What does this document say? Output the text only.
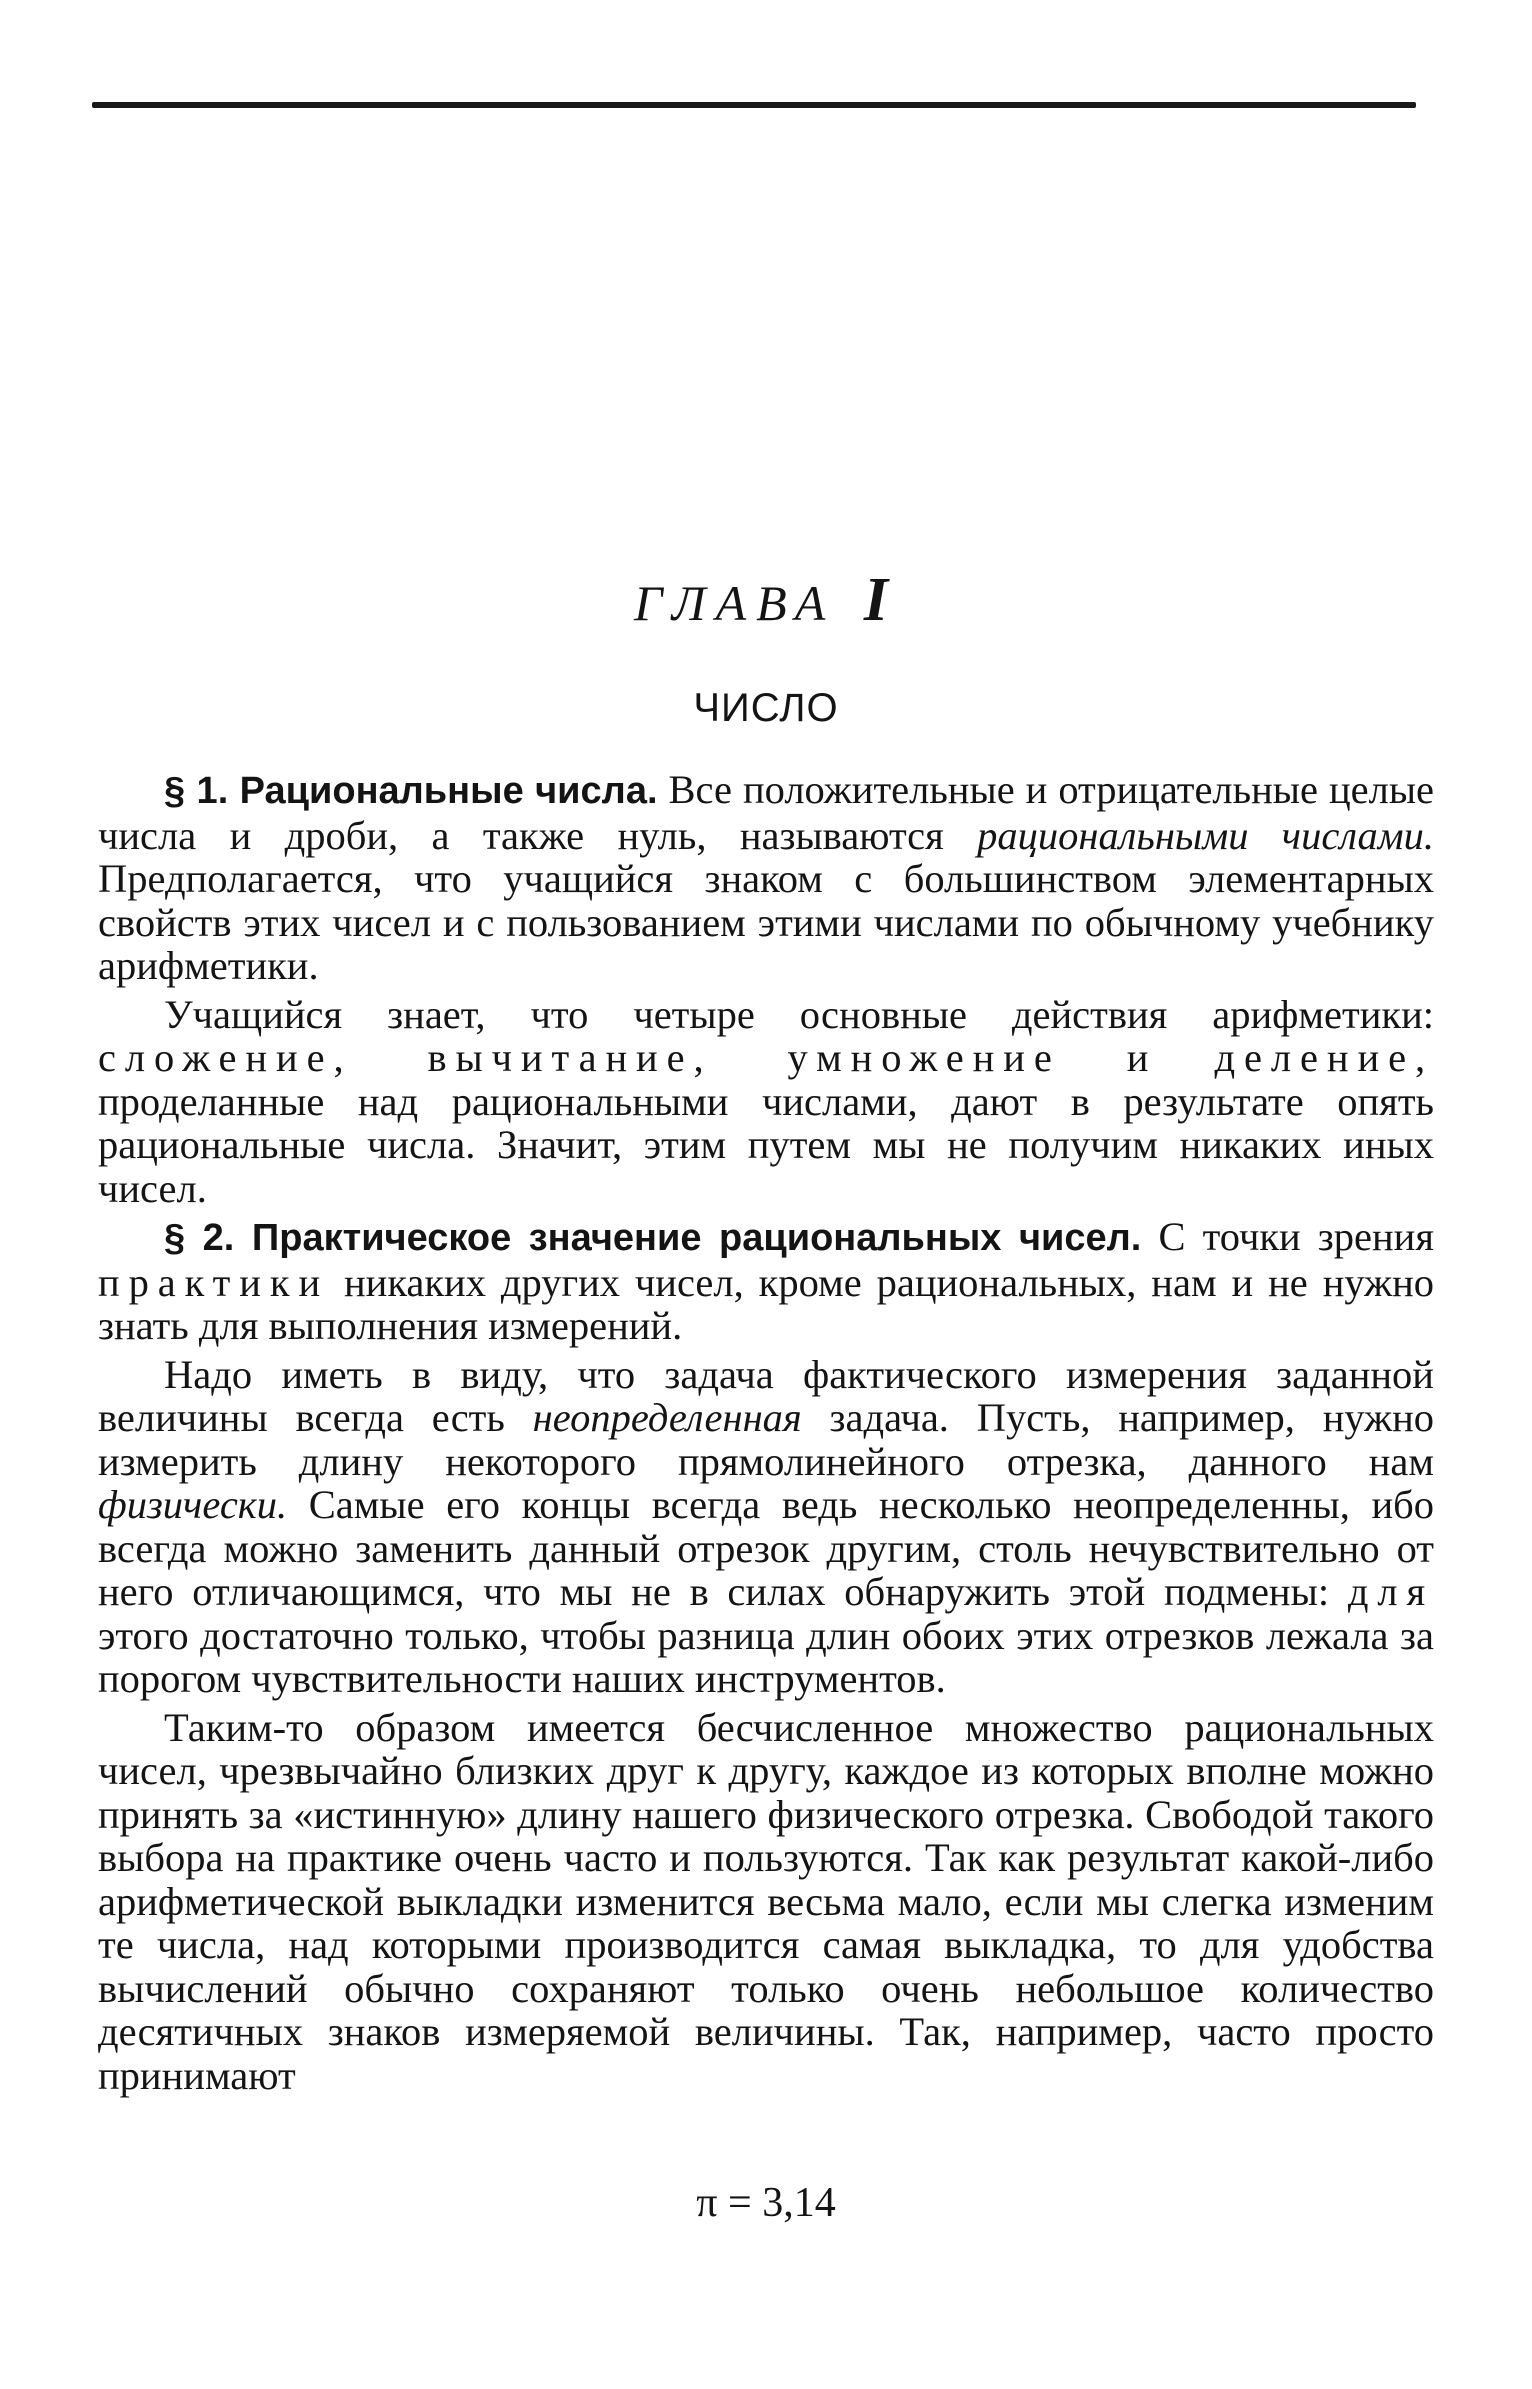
ГЛАВА I
ЧИСЛО

§ 1. Рациональные числа. Все положительные и отрицательные целые числа и дроби, а также нуль, называются рациональными числами. Предполагается, что учащийся знаком с большинством элементарных свойств этих чисел и с пользованием этими числами по обычному учебнику арифметики.

Учащийся знает, что четыре основные действия арифметики: сложение, вычитание, умножение и деление, проделанные над рациональными числами, дают в результате опять рациональные числа. Значит, этим путем мы не получим никаких иных чисел.

§ 2. Практическое значение рациональных чисел. С точки зрения практики никаких других чисел, кроме рациональных, нам и не нужно знать для выполнения измерений.

Надо иметь в виду, что задача фактического измерения заданной величины всегда есть неопределенная задача. Пусть, например, нужно измерить длину некоторого прямолинейного отрезка, данного нам физически. Самые его концы всегда ведь несколько неопределенны, ибо всегда можно заменить данный отрезок другим, столь нечувствительно от него отличающимся, что мы не в силах обнаружить этой подмены: для этого достаточно только, чтобы разница длин обоих этих отрезков лежала за порогом чувствительности наших инструментов.

Таким-то образом имеется бесчисленное множество рациональных чисел, чрезвычайно близких друг к другу, каждое из которых вполне можно принять за «истинную» длину нашего физического отрезка. Свободой такого выбора на практике очень часто и пользуются. Так как результат какой-либо арифметической выкладки изменится весьма мало, если мы слегка изменим те числа, над которыми производится самая выкладка, то для удобства вычислений обычно сохраняют только очень небольшое количество десятичных знаков измеряемой величины. Так, например, часто просто принимают

π = 3,14
